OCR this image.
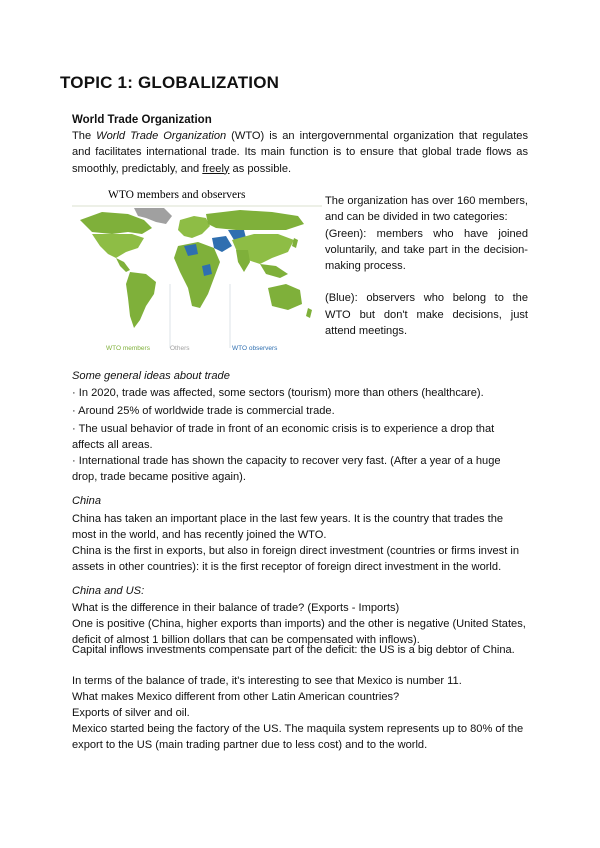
TOPIC 1: GLOBALIZATION
World Trade Organization
The World Trade Organization (WTO) is an intergovernmental organization that regulates and facilitates international trade. Its main function is to ensure that global trade flows as smoothly, predictably, and freely as possible.
WTO members and observers
WTO members	Others	WTO observers
The organization has over 160 members, and can be divided in two categories:
(Green): members who have joined voluntarily, and take part in the decision-making process.
(Blue): observers who belong to the WTO but don't make decisions, just attend meetings.
Some general ideas about trade
· In 2020, trade was affected, some sectors (tourism) more than others (healthcare).
· Around 25% of worldwide trade is commercial trade.
· The usual behavior of trade in front of an economic crisis is to experience a drop that affects all areas.
· International trade has shown the capacity to recover very fast. (After a year of a huge drop, trade became positive again).
China
China has taken an important place in the last few years. It is the country that trades the most in the world, and has recently joined the WTO.
China is the first in exports, but also in foreign direct investment (countries or firms invest in assets in other countries): it is the first receptor of foreign direct investment in the world.
China and US:
What is the difference in their balance of trade? (Exports - Imports)
One is positive (China, higher exports than imports) and the other is negative (United States, deficit of almost 1 billion dollars that can be compensated with inflows).
Capital inflows investments compensate part of the deficit: the US is a big debtor of China.
In terms of the balance of trade, it's interesting to see that Mexico is number 11.
What makes Mexico different from other Latin American countries?
Exports of silver and oil.
Mexico started being the factory of the US. The maquila system represents up to 80% of the export to the US (main trading partner due to less cost) and to the world.
